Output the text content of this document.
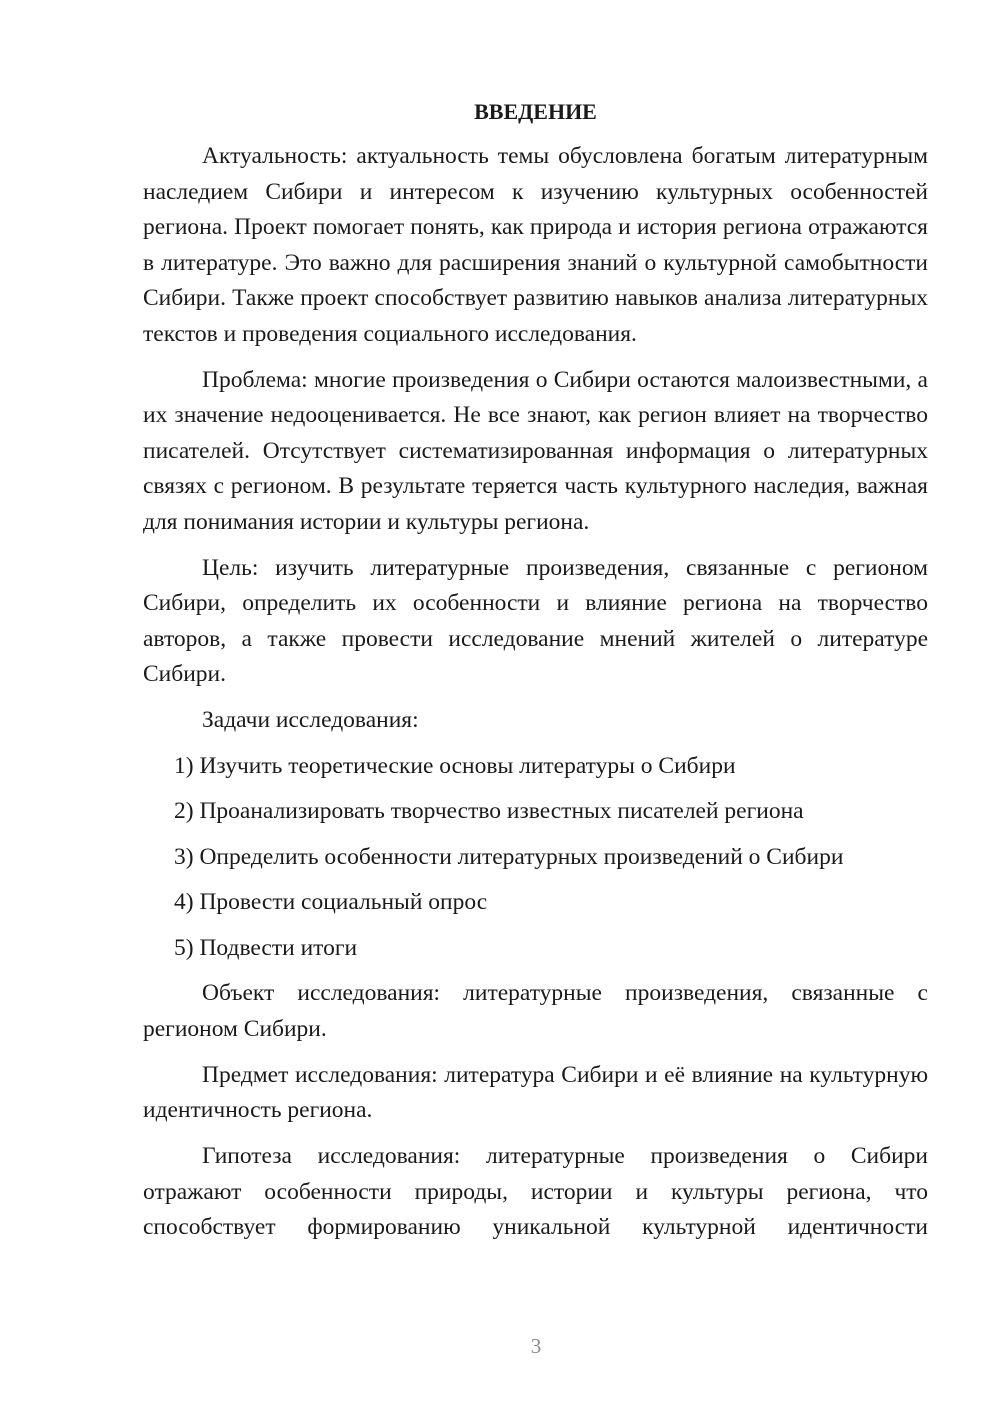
ВВЕДЕНИЕ

Актуальность: актуальность темы обусловлена богатым литературным наследием Сибири и интересом к изучению культурных особенностей региона. Проект помогает понять, как природа и история региона отражаются в литературе. Это важно для расширения знаний о культурной самобытности Сибири. Также проект способствует развитию навыков анализа литературных текстов и проведения социального исследования.

Проблема: многие произведения о Сибири остаются малоизвестными, а их значение недооценивается. Не все знают, как регион влияет на творчество писателей. Отсутствует систематизированная информация о литературных связях с регионом. В результате теряется часть культурного наследия, важная для понимания истории и культуры региона.

Цель: изучить литературные произведения, связанные с регионом Сибири, определить их особенности и влияние региона на творчество авторов, а также провести исследование мнений жителей о литературе Сибири.

Задачи исследования:
1) Изучить теоретические основы литературы о Сибири
2) Проанализировать творчество известных писателей региона
3) Определить особенности литературных произведений о Сибири
4) Провести социальный опрос
5) Подвести итоги

Объект исследования: литературные произведения, связанные с регионом Сибири.

Предмет исследования: литература Сибири и её влияние на культурную идентичность региона.

Гипотеза исследования: литературные произведения о Сибири отражают особенности природы, истории и культуры региона, что способствует формированию уникальной культурной идентичности

3
